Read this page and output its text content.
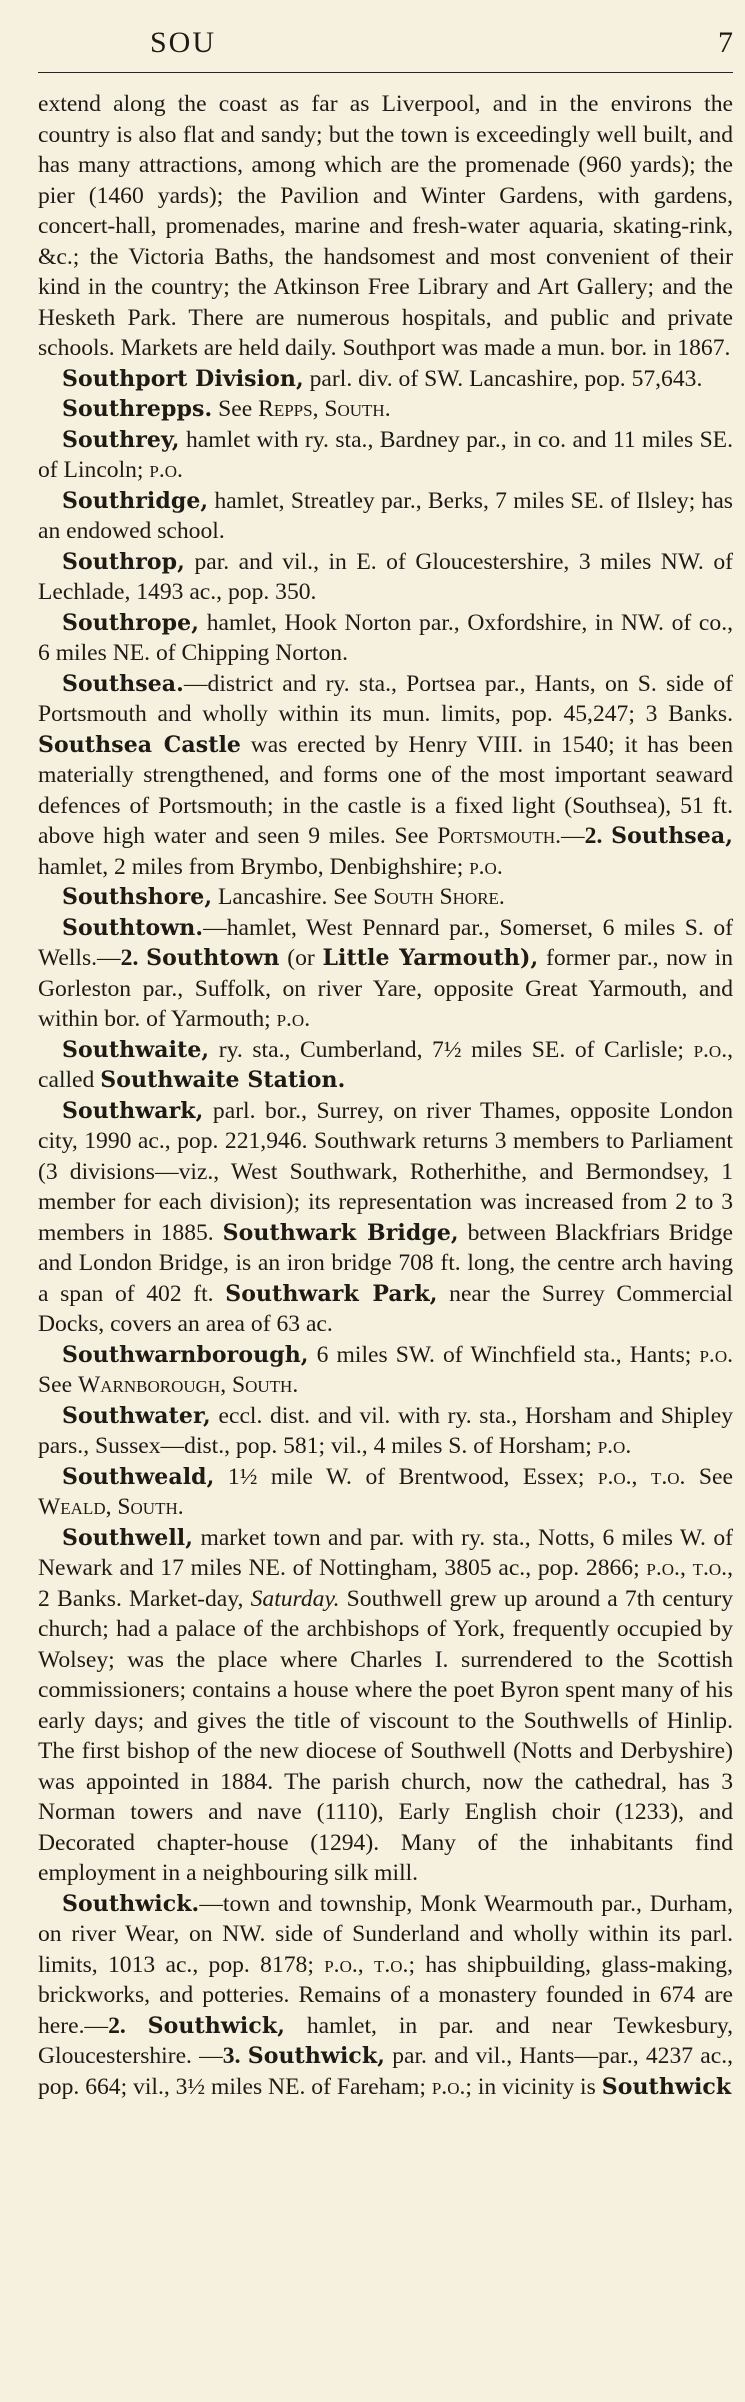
SOU	7

extend along the coast as far as Liverpool, and in the environs the country is also flat and sandy; but the town is exceedingly well built, and has many attractions, among which are the promenade (960 yards); the pier (1460 yards); the Pavilion and Winter Gardens, with gardens, concert-hall, promenades, marine and fresh-water aquaria, skating-rink, &c.; the Victoria Baths, the handsomest and most convenient of their kind in the country; the Atkinson Free Library and Art Gallery; and the Hesketh Park. There are numerous hospitals, and public and private schools. Markets are held daily. Southport was made a mun. bor. in 1867.

Southport Division, parl. div. of SW. Lancashire, pop. 57,643.

Southrepps. See Repps, South.

Southrey, hamlet with ry. sta., Bardney par., in co. and 11 miles SE. of Lincoln; p.o.

Southridge, hamlet, Streatley par., Berks, 7 miles SE. of Ilsley; has an endowed school.

Southrop, par. and vil., in E. of Gloucestershire, 3 miles NW. of Lechlade, 1493 ac., pop. 350.

Southrope, hamlet, Hook Norton par., Oxfordshire, in NW. of co., 6 miles NE. of Chipping Norton.

Southsea.—district and ry. sta., Portsea par., Hants, on S. side of Portsmouth and wholly within its mun. limits, pop. 45,247; 3 Banks. Southsea Castle was erected by Henry VIII. in 1540; it has been materially strengthened, and forms one of the most important seaward defences of Portsmouth; in the castle is a fixed light (Southsea), 51 ft. above high water and seen 9 miles. See Portsmouth.—2. Southsea, hamlet, 2 miles from Brymbo, Denbighshire; p.o.

Southshore, Lancashire. See South Shore.

Southtown.—hamlet, West Pennard par., Somerset, 6 miles S. of Wells.—2. Southtown (or Little Yarmouth), former par., now in Gorleston par., Suffolk, on river Yare, opposite Great Yarmouth, and within bor. of Yarmouth; p.o.

Southwaite, ry. sta., Cumberland, 7½ miles SE. of Carlisle; p.o., called Southwaite Station.

Southwark, parl. bor., Surrey, on river Thames, opposite London city, 1990 ac., pop. 221,946. Southwark returns 3 members to Parliament (3 divisions—viz., West Southwark, Rotherhithe, and Bermondsey, 1 member for each division); its representation was increased from 2 to 3 members in 1885. Southwark Bridge, between Blackfriars Bridge and London Bridge, is an iron bridge 708 ft. long, the centre arch having a span of 402 ft. Southwark Park, near the Surrey Commercial Docks, covers an area of 63 ac.

Southwarnborough, 6 miles SW. of Winchfield sta., Hants; p.o. See Warnborough, South.

Southwater, eccl. dist. and vil. with ry. sta., Horsham and Shipley pars., Sussex—dist., pop. 581; vil., 4 miles S. of Horsham; p.o.

Southweald, 1½ mile W. of Brentwood, Essex; p.o., t.o. See Weald, South.

Southwell, market town and par. with ry. sta., Notts, 6 miles W. of Newark and 17 miles NE. of Nottingham, 3805 ac., pop. 2866; p.o., t.o., 2 Banks. Market-day, Saturday. Southwell grew up around a 7th century church; had a palace of the archbishops of York, frequently occupied by Wolsey; was the place where Charles I. surrendered to the Scottish commissioners; contains a house where the poet Byron spent many of his early days; and gives the title of viscount to the Southwells of Hinlip. The first bishop of the new diocese of Southwell (Notts and Derbyshire) was appointed in 1884. The parish church, now the cathedral, has 3 Norman towers and nave (1110), Early English choir (1233), and Decorated chapter-house (1294). Many of the inhabitants find employment in a neighbouring silk mill.

Southwick.—town and township, Monk Wearmouth par., Durham, on river Wear, on NW. side of Sunderland and wholly within its parl. limits, 1013 ac., pop. 8178; p.o., t.o.; has shipbuilding, glass-making, brickworks, and potteries. Remains of a monastery founded in 674 are here.—2. Southwick, hamlet, in par. and near Tewkesbury, Gloucestershire. —3. Southwick, par. and vil., Hants—par., 4237 ac., pop. 664; vil., 3½ miles NE. of Fareham; p.o.; in vicinity is Southwick
